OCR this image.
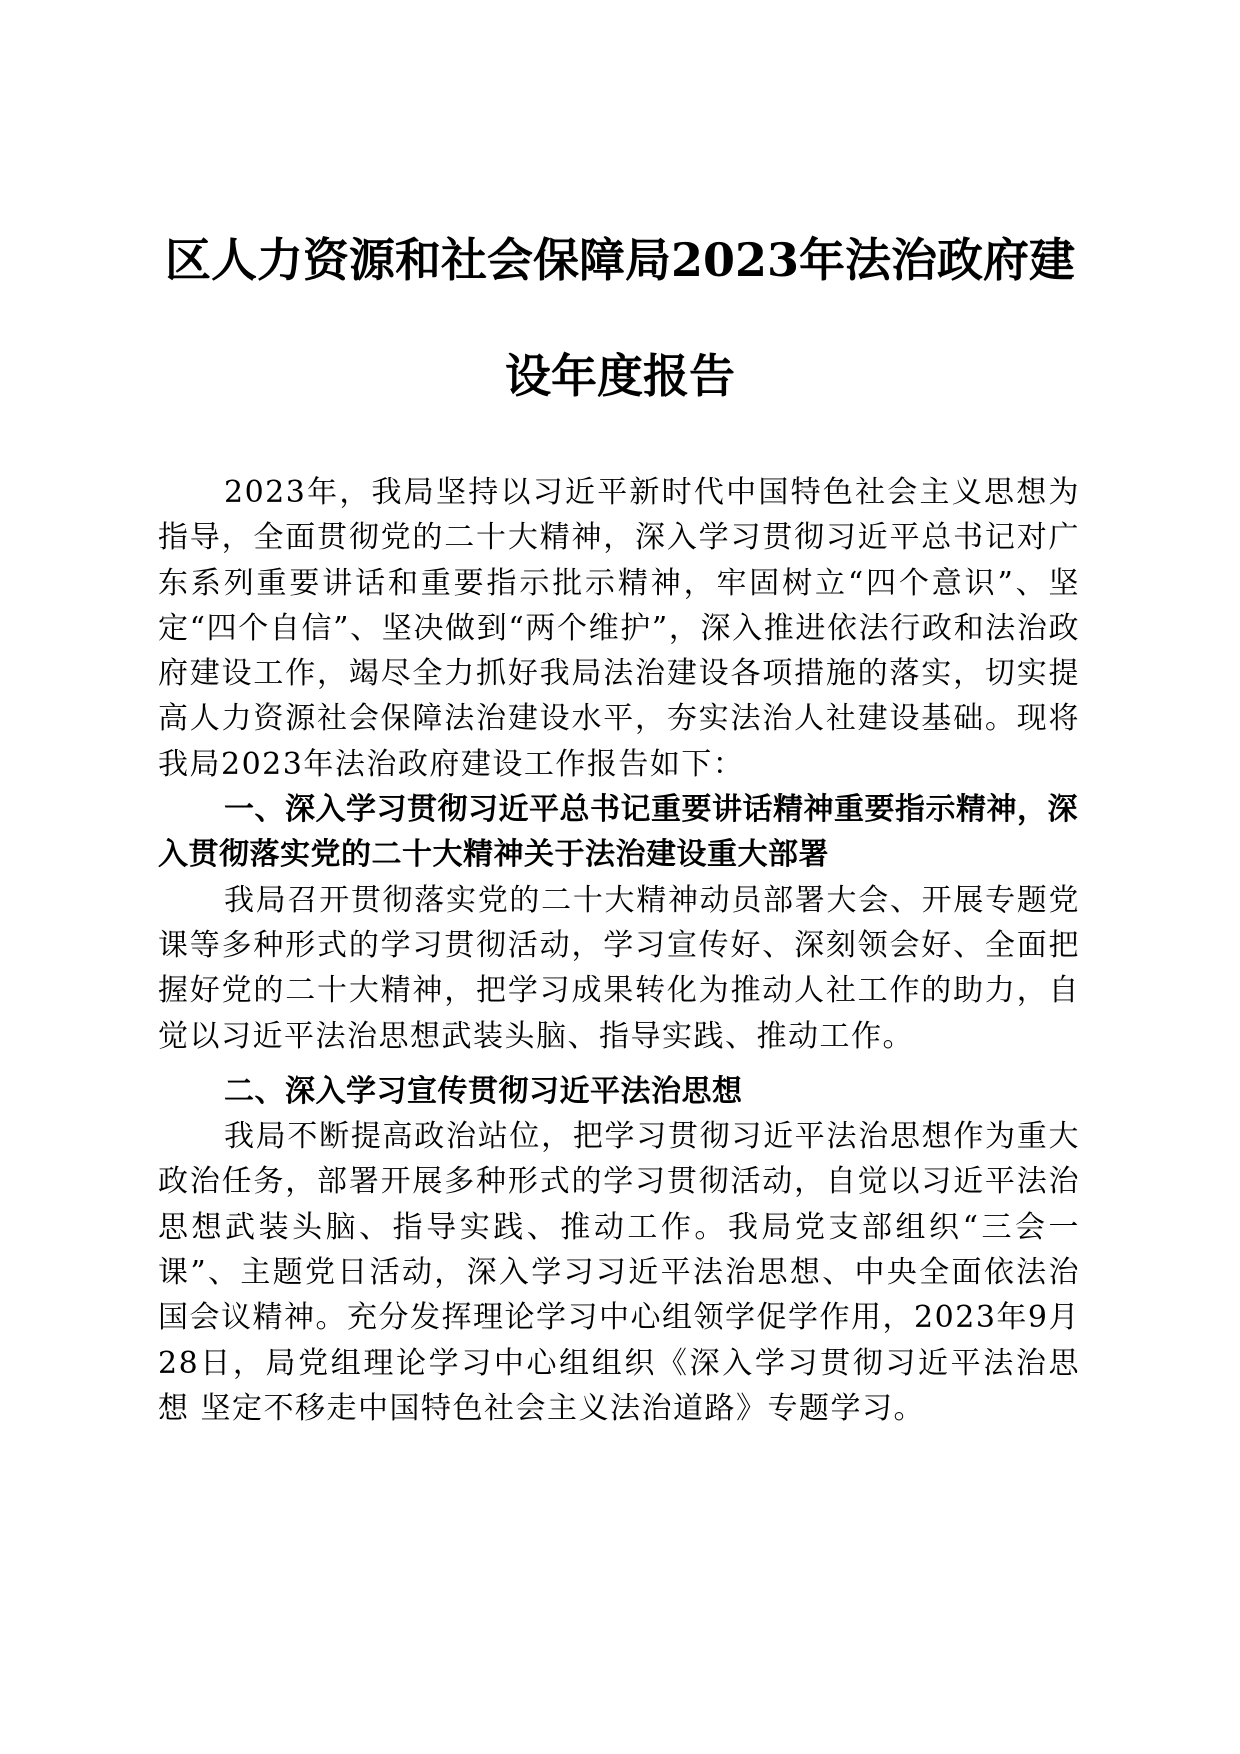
区人力资源和社会保障局2023年法治政府建
设年度报告

2023年，我局坚持以习近平新时代中国特色社会主义思想为指导，全面贯彻党的二十大精神，深入学习贯彻习近平总书记对广东系列重要讲话和重要指示批示精神，牢固树立“四个意识”、坚定“四个自信”、坚决做到“两个维护”，深入推进依法行政和法治政府建设工作，竭尽全力抓好我局法治建设各项措施的落实，切实提高人力资源社会保障法治建设水平，夯实法治人社建设基础。现将我局2023年法治政府建设工作报告如下：

一、深入学习贯彻习近平总书记重要讲话精神重要指示精神，深入贯彻落实党的二十大精神关于法治建设重大部署

我局召开贯彻落实党的二十大精神动员部署大会、开展专题党课等多种形式的学习贯彻活动，学习宣传好、深刻领会好、全面把握好党的二十大精神，把学习成果转化为推动人社工作的助力，自觉以习近平法治思想武装头脑、指导实践、推动工作。

二、深入学习宣传贯彻习近平法治思想

我局不断提高政治站位，把学习贯彻习近平法治思想作为重大政治任务，部署开展多种形式的学习贯彻活动，自觉以习近平法治思想武装头脑、指导实践、推动工作。我局党支部组织“三会一课”、主题党日活动，深入学习习近平法治思想、中央全面依法治国会议精神。充分发挥理论学习中心组领学促学作用，2023年9月28日，局党组理论学习中心组组织《深入学习贯彻习近平法治思想 坚定不移走中国特色社会主义法治道路》专题学习。
